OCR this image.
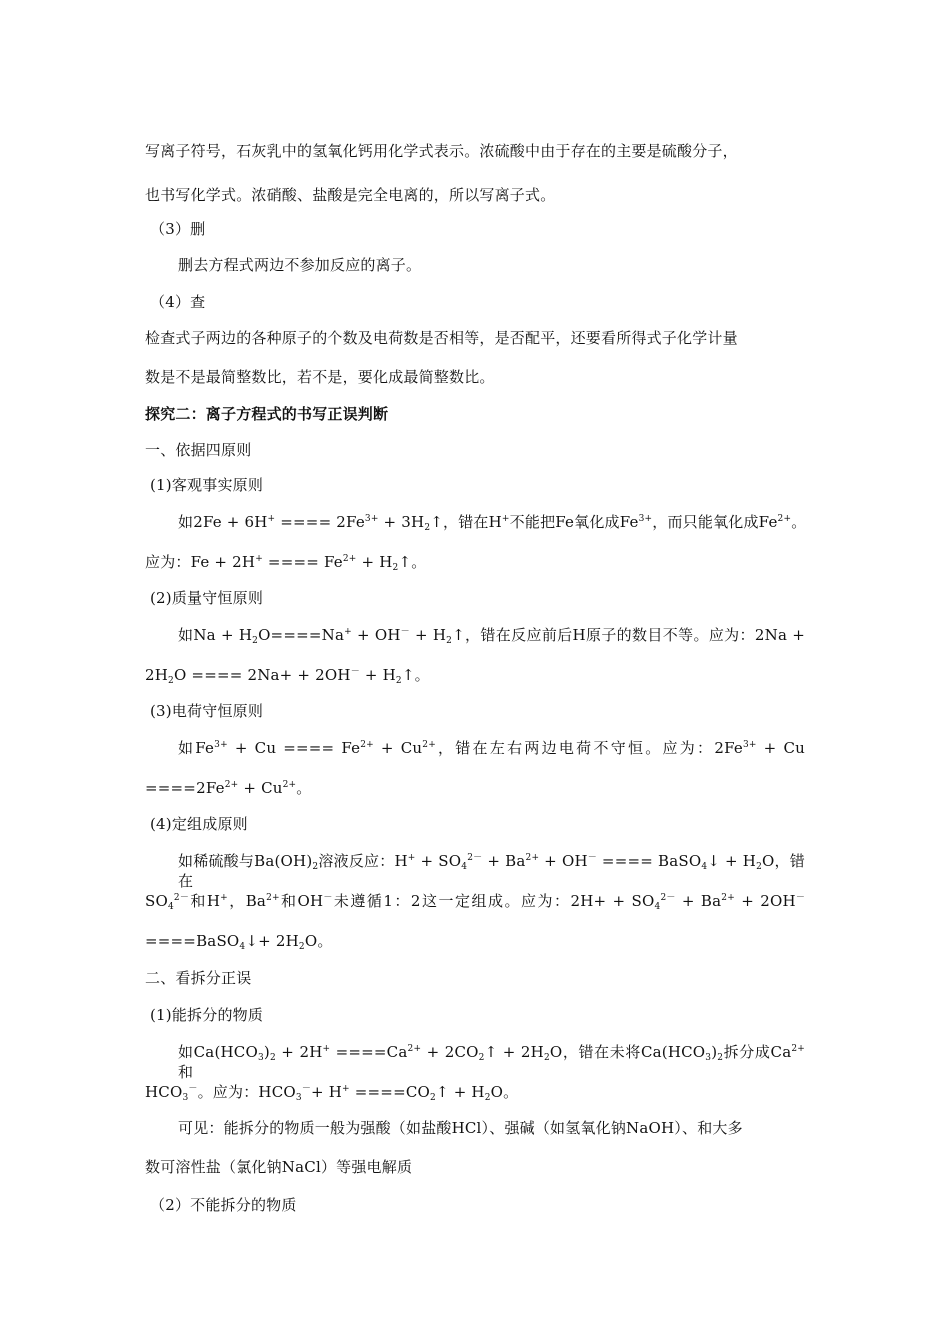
写离子符号，石灰乳中的氢氧化钙用化学式表示。浓硫酸中由于存在的主要是硫酸分子，

也书写化学式。浓硝酸、盐酸是完全电离的，所以写离子式。

（3）删

删去方程式两边不参加反应的离子。

（4）查

检查式子两边的各种原子的个数及电荷数是否相等，是否配平，还要看所得式子化学计量

数是不是最简整数比，若不是，要化成最简整数比。

探究二：离子方程式的书写正误判断

一、依据四原则

(1)客观事实原则

如2Fe + 6H+ ==== $2Fe^{3+}$ + $3H_2↑$，错在H+不能把Fe氧化成$Fe^{3+}$，而只能氧化成$Fe^{2+}$。

应为：Fe + 2H+ ==== $Fe^{2+}$ + $H_2↑$。

(2)质量守恒原则

如$Na + H_2O====Na^+ + OH^-$ + $H_2↑$，错在反应前后H原子的数目不等。应为：2Na +

$2H_2O$ ==== $2Na+ + 2OH^- + H_2↑$。

(3)电荷守恒原则

如$Fe^{3+} + Cu$ ==== $Fe^{2+} + Cu^{2+}$，错在左右两边电荷不守恒。应为：$2Fe^{3+} + Cu$

$====2Fe^{2+} + Cu^{2+}$。

(4)定组成原则

如稀硫酸与$Ba(OH)_2$溶液反应：$H^+ + SO_4^{2-} + Ba^{2+} + OH^-$ ==== BaSO$_4$↓ + $H_2O$，错在

$SO_4^{2-}$和H+，$Ba^{2+}$和OH－未遵循1：2这一定组成。应为：$2H+ + SO_4^{2-} + Ba^{2+} + 2OH^-$

====BaSO$_4$↓+ $2H_2O$。

二、看拆分正误

(1)能拆分的物质

如$Ca(HCO_3)_2 + 2H^+ ====Ca^{2+}$ + $2CO_2↑ + 2H_2O$，错在未将$Ca(HCO_3)_2$拆分成$Ca^{2+}$ 和

$HCO_3^-$。应为：$HCO_3^-+ H^+$ $====CO_2↑ + H_2O$。

可见：能拆分的物质一般为强酸（如盐酸HCl）、强碱（如氢氧化钠NaOH）、和大多

数可溶性盐（氯化钠NaCl）等强电解质

（2）不能拆分的物质
